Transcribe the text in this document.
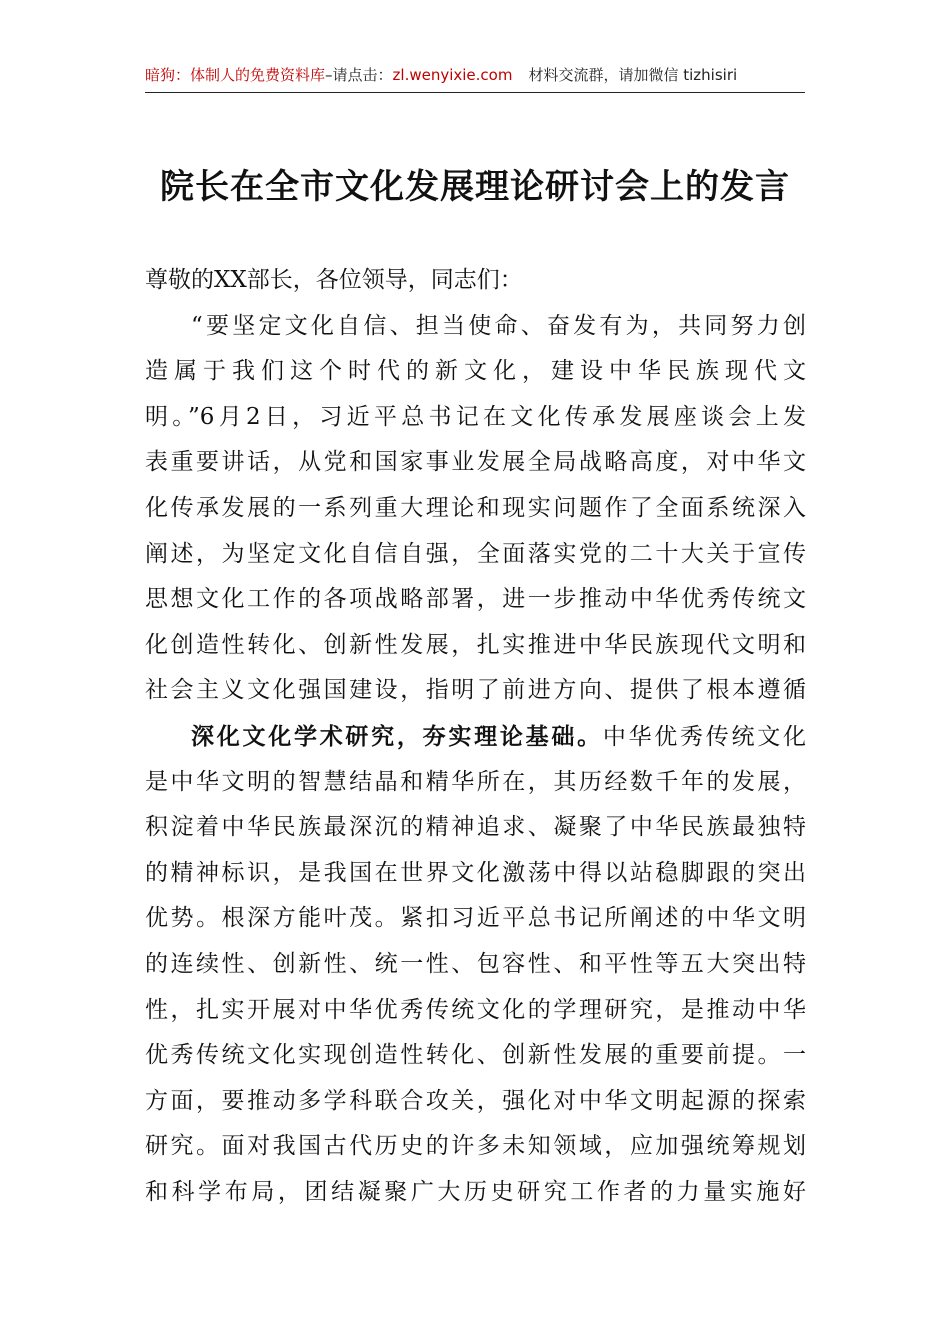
暗狗：体制人的免费资料库–请点击：zl.wenyixie.com 材料交流群，请加微信 tizhisiri
院长在全市文化发展理论研讨会上的发言
尊敬的XX部长，各位领导，同志们：
“要坚定文化自信、担当使命、奋发有为，共同努力创
造属于我们这个时代的新文化，建设中华民族现代文
明。”6月2日，习近平总书记在文化传承发展座谈会上发
表重要讲话，从党和国家事业发展全局战略高度，对中华文
化传承发展的一系列重大理论和现实问题作了全面系统深入
阐述，为坚定文化自信自强，全面落实党的二十大关于宣传
思想文化工作的各项战略部署，进一步推动中华优秀传统文
化创造性转化、创新性发展，扎实推进中华民族现代文明和
社会主义文化强国建设，指明了前进方向、提供了根本遵循
深化文化学术研究，夯实理论基础。中华优秀传统文化
是中华文明的智慧结晶和精华所在，其历经数千年的发展，
积淀着中华民族最深沉的精神追求、凝聚了中华民族最独特
的精神标识，是我国在世界文化激荡中得以站稳脚跟的突出
优势。根深方能叶茂。紧扣习近平总书记所阐述的中华文明
的连续性、创新性、统一性、包容性、和平性等五大突出特
性，扎实开展对中华优秀传统文化的学理研究，是推动中华
优秀传统文化实现创造性转化、创新性发展的重要前提。一
方面，要推动多学科联合攻关，强化对中华文明起源的探索
研究。面对我国古代历史的许多未知领域，应加强统筹规划
和科学布局，团结凝聚广大历史研究工作者的力量实施好
